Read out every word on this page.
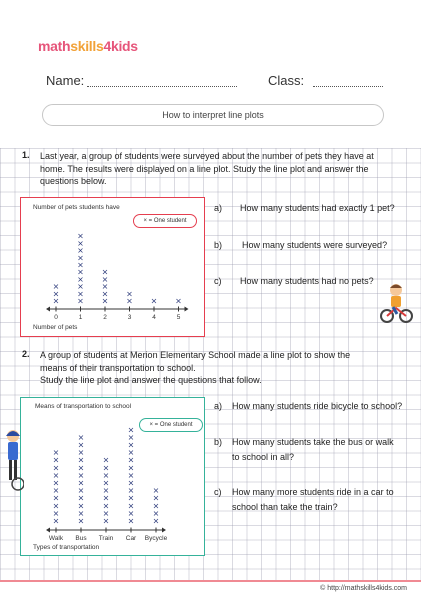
mathskills4kids
Name:	Class:
How to interpret line plots
1. Last year, a group of students were surveyed about the number of pets they have at
home. The results were displayed on a line plot. Study the line plot and answer the
questions below.
Number of pets students have
× = One student
0
×
×
×
1
×
×
×
×
×
×
×
×
×
×
2
×
×
×
×
×
3
×
×
4
×
5
×
Number of pets
a) How many students had exactly 1 pet?
b) How many students were surveyed?
c) How many students had no pets?
2. A group of students at Merion Elementary School made a line plot to show the
means of their transportation to school.
Study the line plot and answer the questions that follow.
Means of transportation to school
× = One student
Walk
×
×
×
×
×
×
×
×
×
×
Bus
×
×
×
×
×
×
×
×
×
×
×
×
Train
×
×
×
×
×
×
×
×
×
Car
×
×
×
×
×
×
×
×
×
×
×
×
×
Bycycle
×
×
×
×
×
Types of transportation
a) How many students ride bicycle to school?
b) How many students take the bus or walk
to school in all?
c) How many more students ride in a car to
school than take the train?
© http://mathskills4kids.com
